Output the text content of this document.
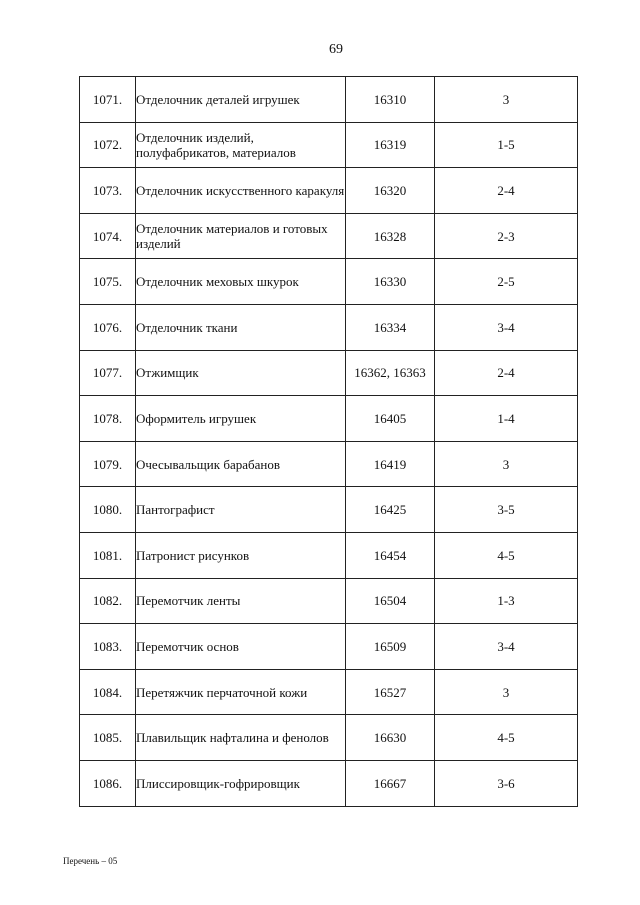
69
1071.	Отделочник деталей игрушек	16310	3
1072.	Отделочник изделий, полуфабрикатов, материалов	16319	1-5
1073.	Отделочник искусственного каракуля	16320	2-4
1074.	Отделочник материалов и готовых изделий	16328	2-3
1075.	Отделочник меховых шкурок	16330	2-5
1076.	Отделочник ткани	16334	3-4
1077.	Отжимщик	16362, 16363	2-4
1078.	Оформитель игрушек	16405	1-4
1079.	Очесывальщик барабанов	16419	3
1080.	Пантографист	16425	3-5
1081.	Патронист рисунков	16454	4-5
1082.	Перемотчик ленты	16504	1-3
1083.	Перемотчик основ	16509	3-4
1084.	Перетяжчик перчаточной кожи	16527	3
1085.	Плавильщик нафталина и фенолов	16630	4-5
1086.	Плиссировщик-гофрировщик	16667	3-6
Перечень – 05
